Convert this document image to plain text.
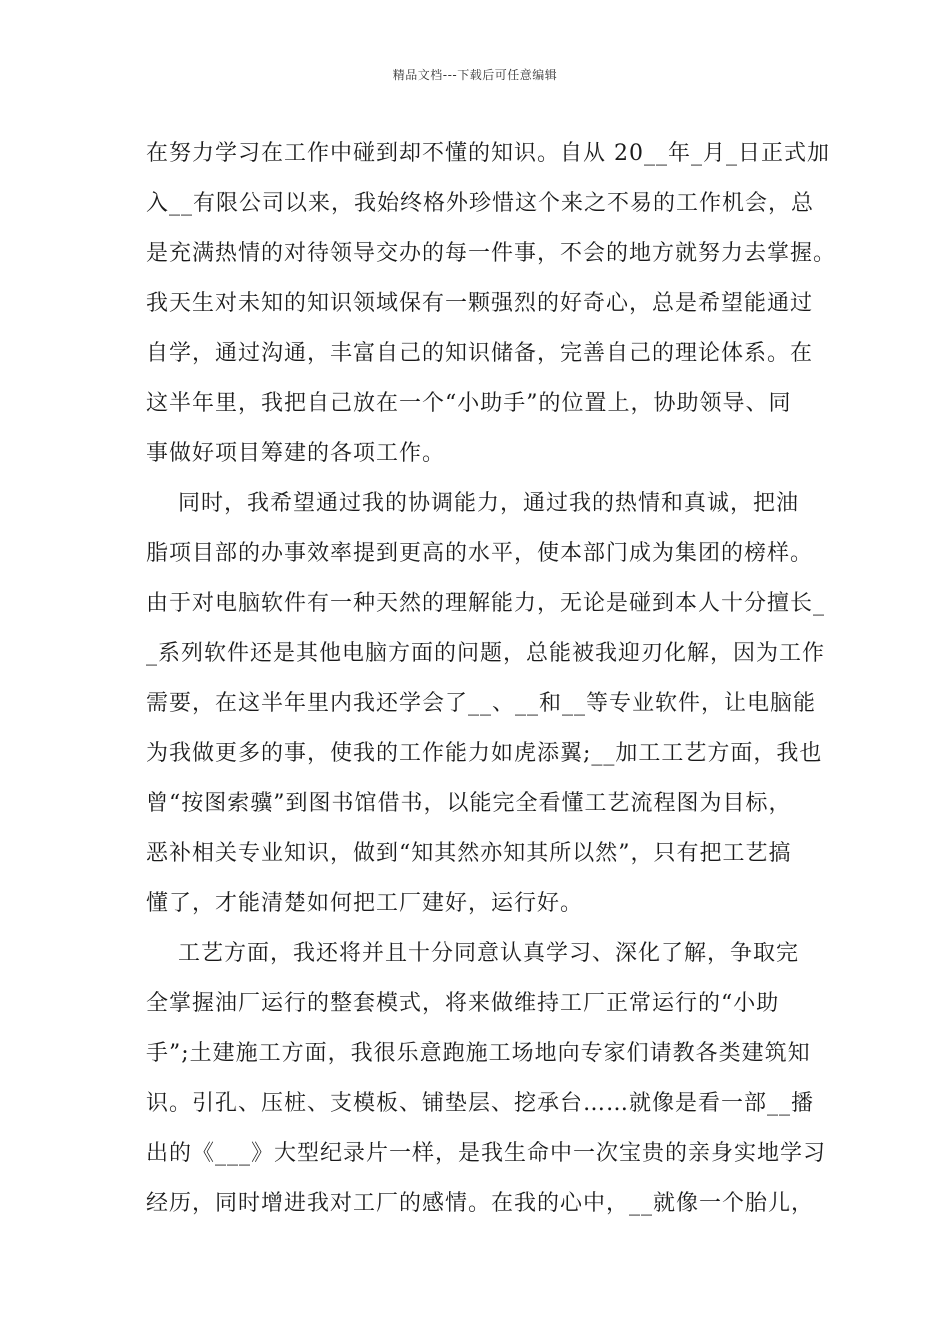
精品文档---下载后可任意编辑
在努力学习在工作中碰到却不懂的知识。自从 20__年_月_日正式加
入__有限公司以来，我始终格外珍惜这个来之不易的工作机会，总
是充满热情的对待领导交办的每一件事，不会的地方就努力去掌握。
我天生对未知的知识领域保有一颗强烈的好奇心，总是希望能通过
自学，通过沟通，丰富自己的知识储备，完善自己的理论体系。在
这半年里，我把自己放在一个“小助手”的位置上，协助领导、同
事做好项目筹建的各项工作。
同时，我希望通过我的协调能力，通过我的热情和真诚，把油
脂项目部的办事效率提到更高的水平，使本部门成为集团的榜样。
由于对电脑软件有一种天然的理解能力，无论是碰到本人十分擅长_
_系列软件还是其他电脑方面的问题，总能被我迎刃化解，因为工作
需要，在这半年里内我还学会了__、__和__等专业软件，让电脑能
为我做更多的事，使我的工作能力如虎添翼;__加工工艺方面，我也
曾“按图索骥”到图书馆借书，以能完全看懂工艺流程图为目标，
恶补相关专业知识，做到“知其然亦知其所以然”，只有把工艺搞
懂了，才能清楚如何把工厂建好，运行好。
工艺方面，我还将并且十分同意认真学习、深化了解，争取完
全掌握油厂运行的整套模式，将来做维持工厂正常运行的“小助
手”;土建施工方面，我很乐意跑施工场地向专家们请教各类建筑知
识。引孔、压桩、支模板、铺垫层、挖承台……就像是看一部__播
出的《___》大型纪录片一样，是我生命中一次宝贵的亲身实地学习
经历，同时增进我对工厂的感情。在我的心中，__就像一个胎儿，
